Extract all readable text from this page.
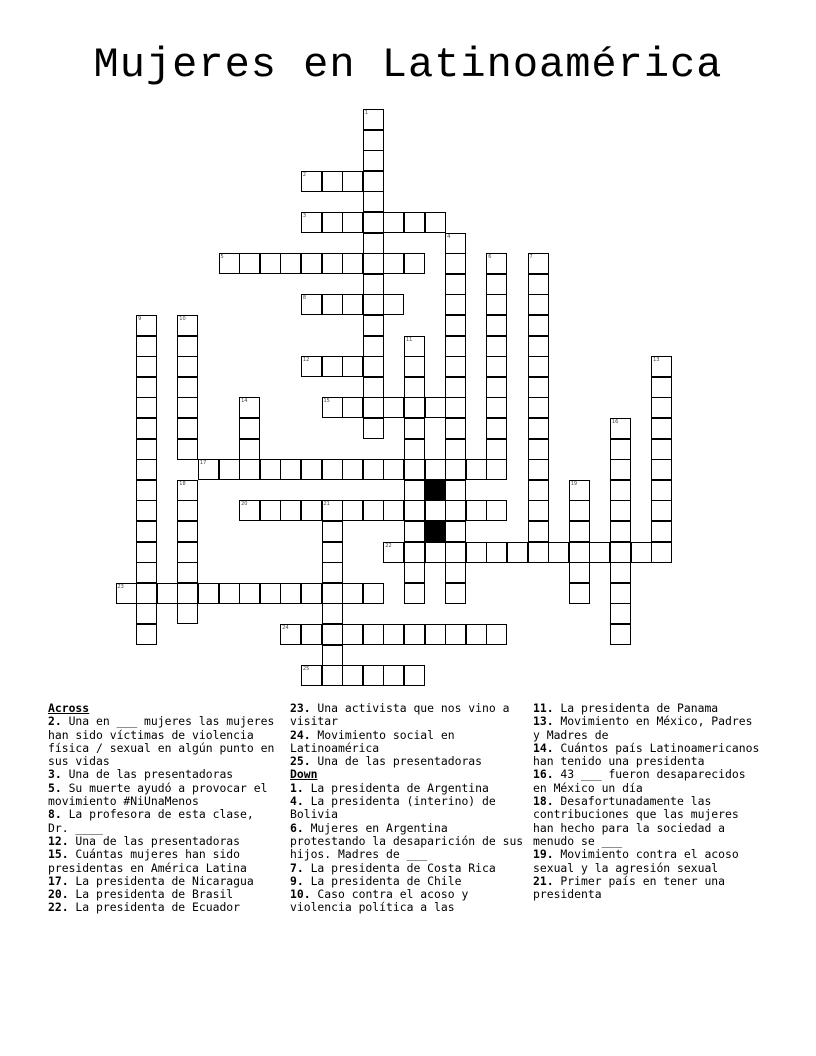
Mujeres en Latinoamérica
2
3
5
8
12
15
17
20	21
22
23
24
25
1
4
6	7
9	10
11
13
14
16
18	19
Across
2. Una en ___ mujeres las mujeres han sido víctimas de violencia física / sexual en algún punto en sus vidas
3. Una de las presentadoras
5. Su muerte ayudó a provocar el movimiento #NiUnaMenos
8. La profesora de esta clase, Dr. ____
12. Una de las presentadoras
15. Cuántas mujeres han sido presidentas en América Latina
17. La presidenta de Nicaragua
20. La presidenta de Brasil
22. La presidenta de Ecuador
23. Una activista que nos vino a visitar
24. Movimiento social en Latinoamérica
25. Una de las presentadoras
Down
1. La presidenta de Argentina
4. La presidenta (interino) de Bolivia
6. Mujeres en Argentina protestando la desaparición de sus hijos. Madres de ___
7. La presidenta de Costa Rica
9. La presidenta de Chile
10. Caso contra el acoso y violencia política a las
11. La presidenta de Panama
13. Movimiento en México, Padres y Madres de
14. Cuántos país Latinoamericanos han tenido una presidenta
16. 43 ___ fueron desaparecidos en México un día
18. Desafortunadamente las contribuciones que las mujeres han hecho para la sociedad a menudo se ___
19. Movimiento contra el acoso sexual y la agresión sexual
21. Primer país en tener una presidenta
